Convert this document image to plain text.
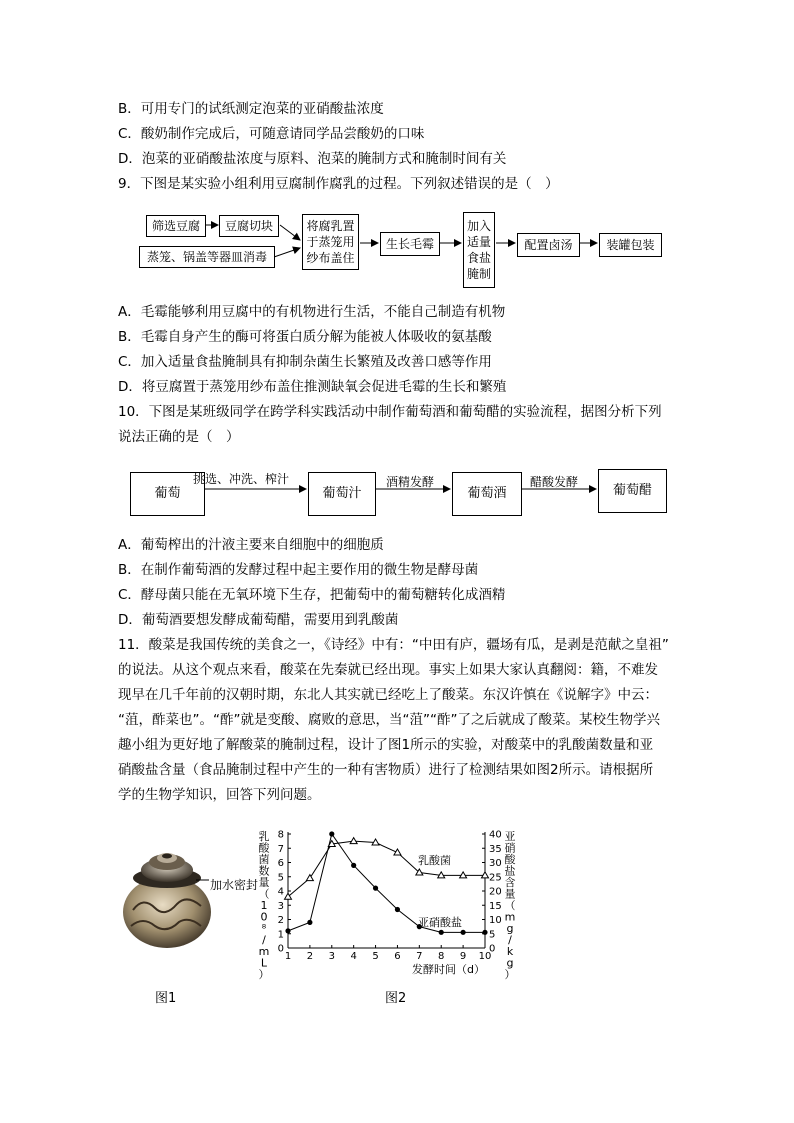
B．可用专门的试纸测定泡菜的亚硝酸盐浓度
C．酸奶制作完成后，可随意请同学品尝酸奶的口味
D．泡菜的亚硝酸盐浓度与原料、泡菜的腌制方式和腌制时间有关
9．下图是某实验小组利用豆腐制作腐乳的过程。下列叙述错误的是（　）
筛选豆腐	豆腐切块
蒸笼、锅盖等器皿消毒
将腐乳置于蒸笼用纱布盖住
生长毛霉
加入适量食盐腌制
配置卤汤	装罐包装
A．毛霉能够利用豆腐中的有机物进行生活，不能自己制造有机物
B．毛霉自身产生的酶可将蛋白质分解为能被人体吸收的氨基酸
C．加入适量食盐腌制具有抑制杂菌生长繁殖及改善口感等作用
D．将豆腐置于蒸笼用纱布盖住推测缺氧会促进毛霉的生长和繁殖
10．下图是某班级同学在跨学科实践活动中制作葡萄酒和葡萄醋的实验流程，据图分析下列
说法正确的是（　）
葡萄
挑选、冲洗、榨汁
葡萄汁
酒精发酵
葡萄酒
醋酸发酵
葡萄醋
A．葡萄榨出的汁液主要来自细胞中的细胞质
B．在制作葡萄酒的发酵过程中起主要作用的微生物是酵母菌
C．酵母菌只能在无氧环境下生存，把葡萄中的葡萄糖转化成酒精
D．葡萄酒要想发酵成葡萄醋，需要用到乳酸菌
11．酸菜是我国传统的美食之一，《诗经》中有：“中田有庐，疆场有瓜，是剥是范献之皇祖”
的说法。从这个观点来看，酸菜在先秦就已经出现。事实上如果大家认真翻阅：籍，不难发
现早在几千年前的汉朝时期，东北人其实就已经吃上了酸菜。东汉许慎在《说解字》中云：
“菹，酢菜也”。“酢”就是变酸、腐败的意思，当“菹”“酢”了之后就成了酸菜。某校生物学兴
趣小组为更好地了解酸菜的腌制过程，设计了图1所示的实验，对酸菜中的乳酸菌数量和亚
硝酸盐含量（食品腌制过程中产生的一种有害物质）进行了检测结果如图2所示。请根据所
学的生物学知识，回答下列问题。
加水密封
图1
1 2 3 4 5 6 7 8 9 10
0
1
2
3
4
5
6
7
8
0
5
10
15
20
25
30
35
40
乳酸菌数量（ 1 0 ⁸ / m L ）
亚硝酸盐含量（ m g / k g ）
发酵时间（d）
乳酸菌
亚硝酸盐
图2
